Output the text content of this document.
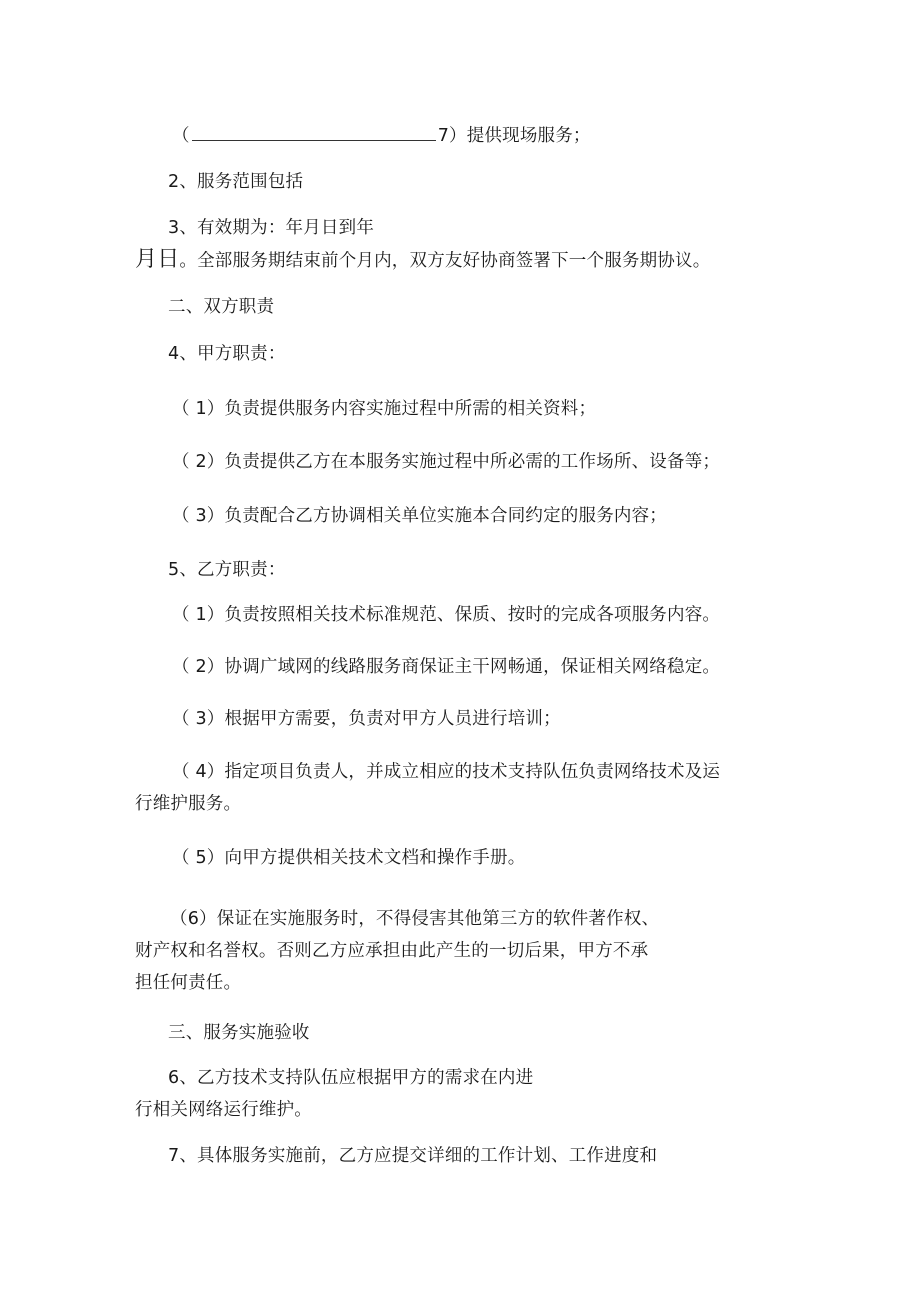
（	7）提供现场服务；
2、服务范围包括
3、有效期为：年月日到年
月日。全部服务期结束前个月内，双方友好协商签署下一个服务期协议。
二、双方职责
4、甲方职责：
（ 1）负责提供服务内容实施过程中所需的相关资料；
（ 2）负责提供乙方在本服务实施过程中所必需的工作场所、设备等；
（ 3）负责配合乙方协调相关单位实施本合同约定的服务内容；
5、乙方职责：
（ 1）负责按照相关技术标准规范、保质、按时的完成各项服务内容。
（ 2）协调广域网的线路服务商保证主干网畅通，保证相关网络稳定。
（ 3）根据甲方需要，负责对甲方人员进行培训；
（ 4）指定项目负责人，并成立相应的技术支持队伍负责网络技术及运
行维护服务。
（ 5）向甲方提供相关技术文档和操作手册。
（6）保证在实施服务时，不得侵害其他第三方的软件著作权、
财产权和名誉权。否则乙方应承担由此产生的一切后果，甲方不承
担任何责任。
三、服务实施验收
6、乙方技术支持队伍应根据甲方的需求在内进
行相关网络运行维护。
7、具体服务实施前，乙方应提交详细的工作计划、工作进度和
